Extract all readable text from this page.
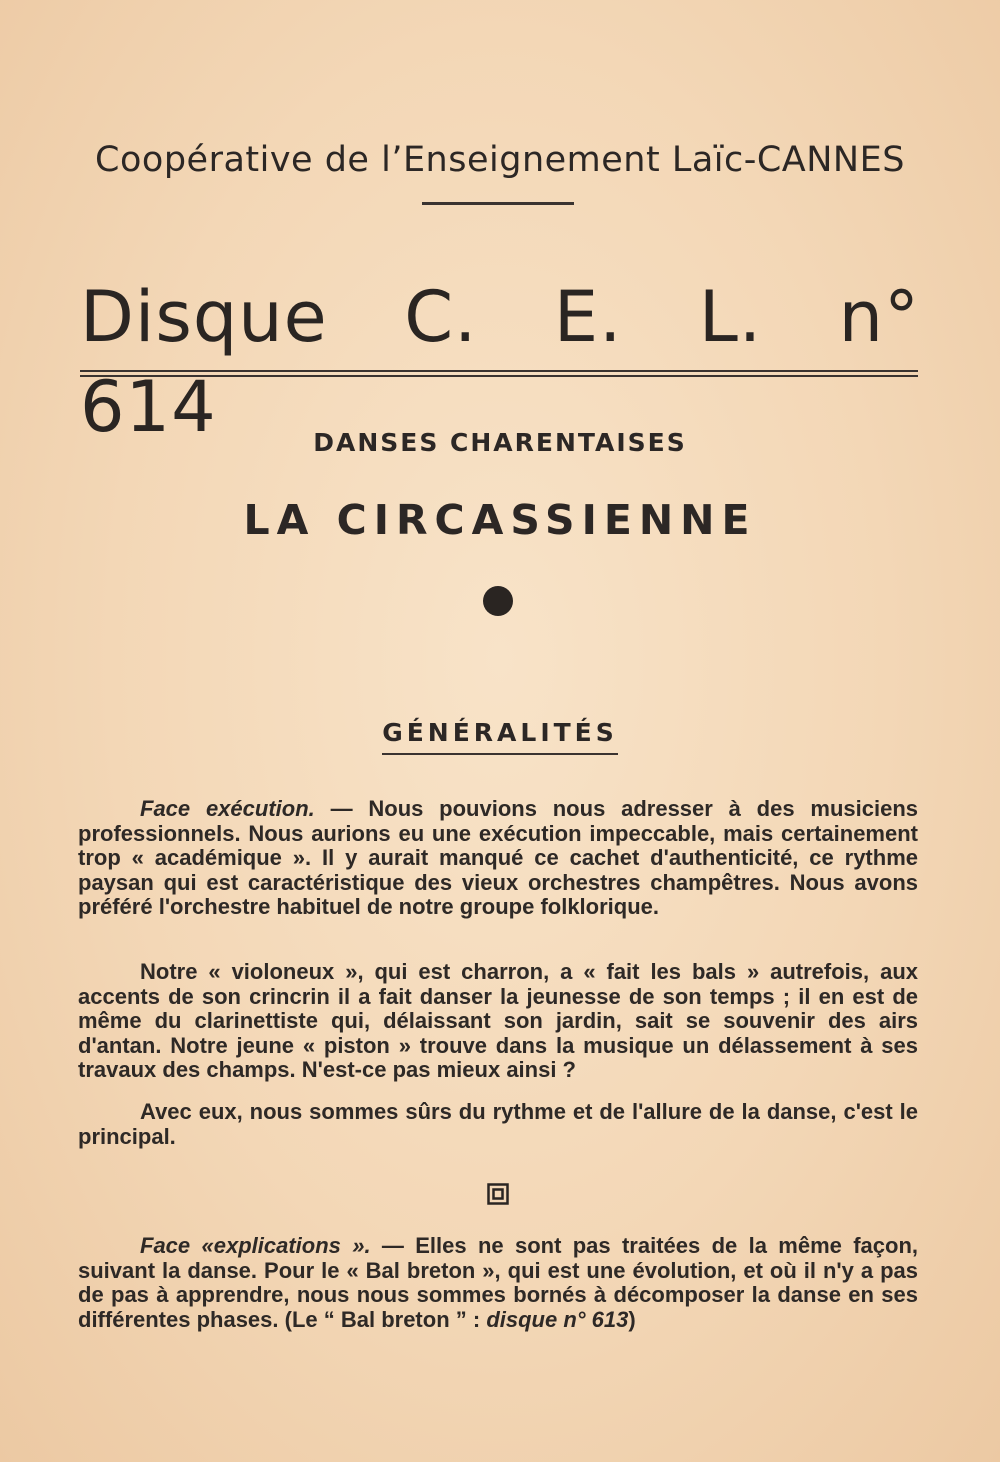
Coopérative de l’Enseignement Laïc-CANNES
Disque C. E. L. n° 614	DANSES CHARENTAISES
LA CIRCASSIENNE
GÉNÉRALITÉS

Face exécution. — Nous pouvions nous adresser à des musiciens professionnels. Nous aurions eu une exécution impeccable, mais certainement trop « académique ». Il y aurait manqué ce cachet d'authenticité, ce rythme paysan qui est caractéristique des vieux orchestres champêtres. Nous avons préféré l'orchestre habituel de notre groupe folklorique.

Notre « violoneux », qui est charron, a « fait les bals » autrefois, aux accents de son crincrin il a fait danser la jeunesse de son temps ; il en est de même du clarinettiste qui, délaissant son jardin, sait se souvenir des airs d'antan. Notre jeune « piston » trouve dans la musique un délassement à ses travaux des champs. N'est-ce pas mieux ainsi ?

Avec eux, nous sommes sûrs du rythme et de l'allure de la danse, c'est le principal.

Face «explications ». — Elles ne sont pas traitées de la même façon, suivant la danse. Pour le « Bal breton », qui est une évolution, et où il n'y a pas de pas à apprendre, nous nous sommes bornés à décomposer la danse en ses différentes phases. (Le “ Bal breton ” : disque n° 613)
